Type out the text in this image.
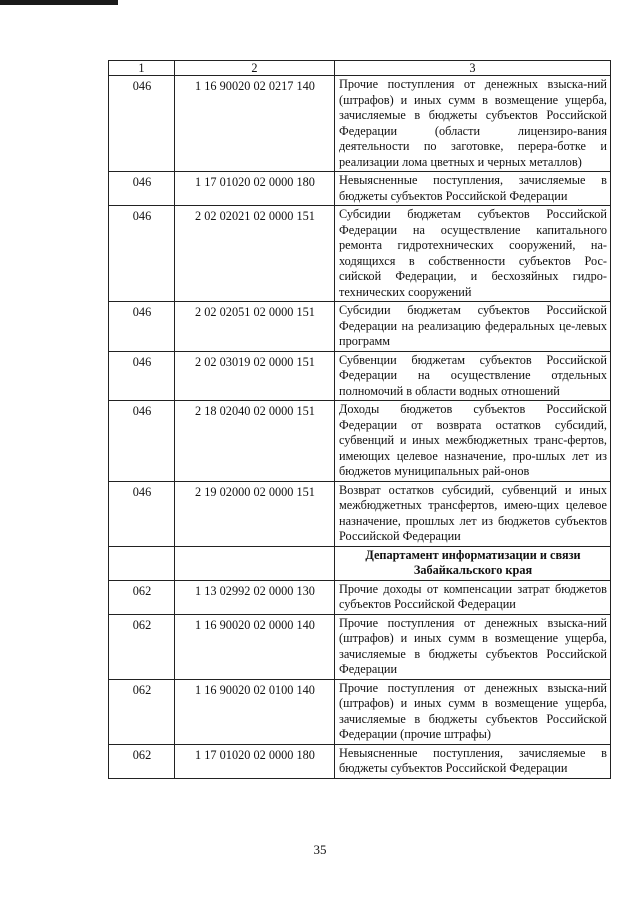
1	2	3
046	1 16 90020 02 0217 140	Прочие поступления от денежных взыска-ний (штрафов) и иных сумм в возмещение ущерба, зачисляемые в бюджеты субъектов Российской Федерации (области лицензиро-вания деятельности по заготовке, перера-ботке и реализации лома цветных и черных металлов)
046	1 17 01020 02 0000 180	Невыясненные поступления, зачисляемые в бюджеты субъектов Российской Федерации
046	2 02 02021 02 0000 151	Субсидии бюджетам субъектов Российской Федерации на осуществление капитального ремонта гидротехнических сооружений, на-ходящихся в собственности субъектов Рос-сийской Федерации, и бесхозяйных гидро-технических сооружений
046	2 02 02051 02 0000 151	Субсидии бюджетам субъектов Российской Федерации на реализацию федеральных це-левых программ
046	2 02 03019 02 0000 151	Субвенции бюджетам субъектов Российской Федерации на осуществление отдельных полномочий в области водных отношений
046	2 18 02040 02 0000 151	Доходы бюджетов субъектов Российской Федерации от возврата остатков субсидий, субвенций и иных межбюджетных транс-фертов, имеющих целевое назначение, про-шлых лет из бюджетов муниципальных рай-онов
046	2 19 02000 02 0000 151	Возврат остатков субсидий, субвенций и иных межбюджетных трансфертов, имею-щих целевое назначение, прошлых лет из бюджетов субъектов Российской Федерации
		Департамент информатизации и связи Забайкальского края
062	1 13 02992 02 0000 130	Прочие доходы от компенсации затрат бюджетов субъектов Российской Федерации
062	1 16 90020 02 0000 140	Прочие поступления от денежных взыска-ний (штрафов) и иных сумм в возмещение ущерба, зачисляемые в бюджеты субъектов Российской Федерации
062	1 16 90020 02 0100 140	Прочие поступления от денежных взыска-ний (штрафов) и иных сумм в возмещение ущерба, зачисляемые в бюджеты субъектов Российской Федерации (прочие штрафы)
062	1 17 01020 02 0000 180	Невыясненные поступления, зачисляемые в бюджеты субъектов Российской Федерации
35
